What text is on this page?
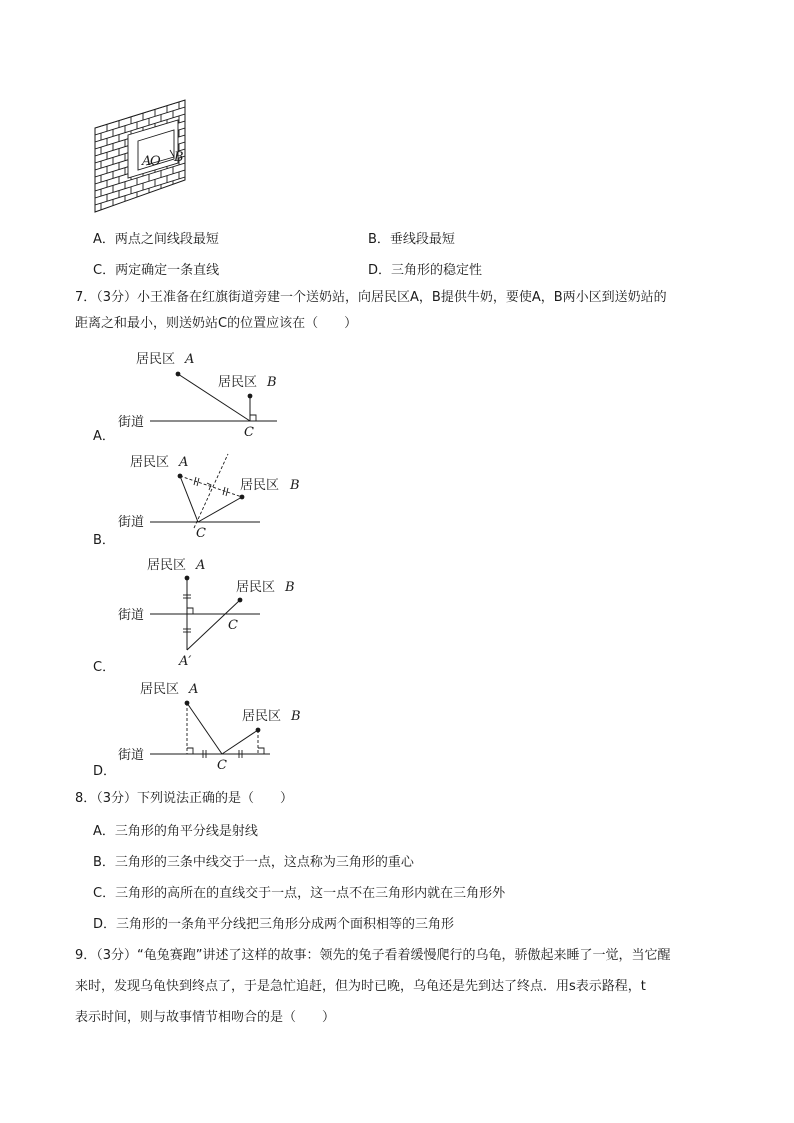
A
O B
A．两点之间线段最短	B．垂线段最短
C．两定确定一条直线	D．三角形的稳定性
7．（3分）小王准备在红旗街道旁建一个送奶站，向居民区A，B提供牛奶，要使A，B两小区到送奶站的
距离之和最小，则送奶站C的位置应该在（　　）
A．
居民区 A
居民区 B
街道
C
B．
居民区 A
居民区 B
街道
C
C．
居民区 A
居民区 B
街道
C
A′
D．
居民区 A
居民区 B
街道
C
8．（3分）下列说法正确的是（　　）
A．三角形的角平分线是射线
B．三角形的三条中线交于一点，这点称为三角形的重心
C．三角形的高所在的直线交于一点，这一点不在三角形内就在三角形外
D．三角形的一条角平分线把三角形分成两个面积相等的三角形
9．（3分）“龟兔赛跑”讲述了这样的故事：领先的兔子看着缓慢爬行的乌龟，骄傲起来睡了一觉，当它醒
来时，发现乌龟快到终点了，于是急忙追赶，但为时已晚，乌龟还是先到达了终点．用s表示路程，t
表示时间，则与故事情节相吻合的是（　　）
